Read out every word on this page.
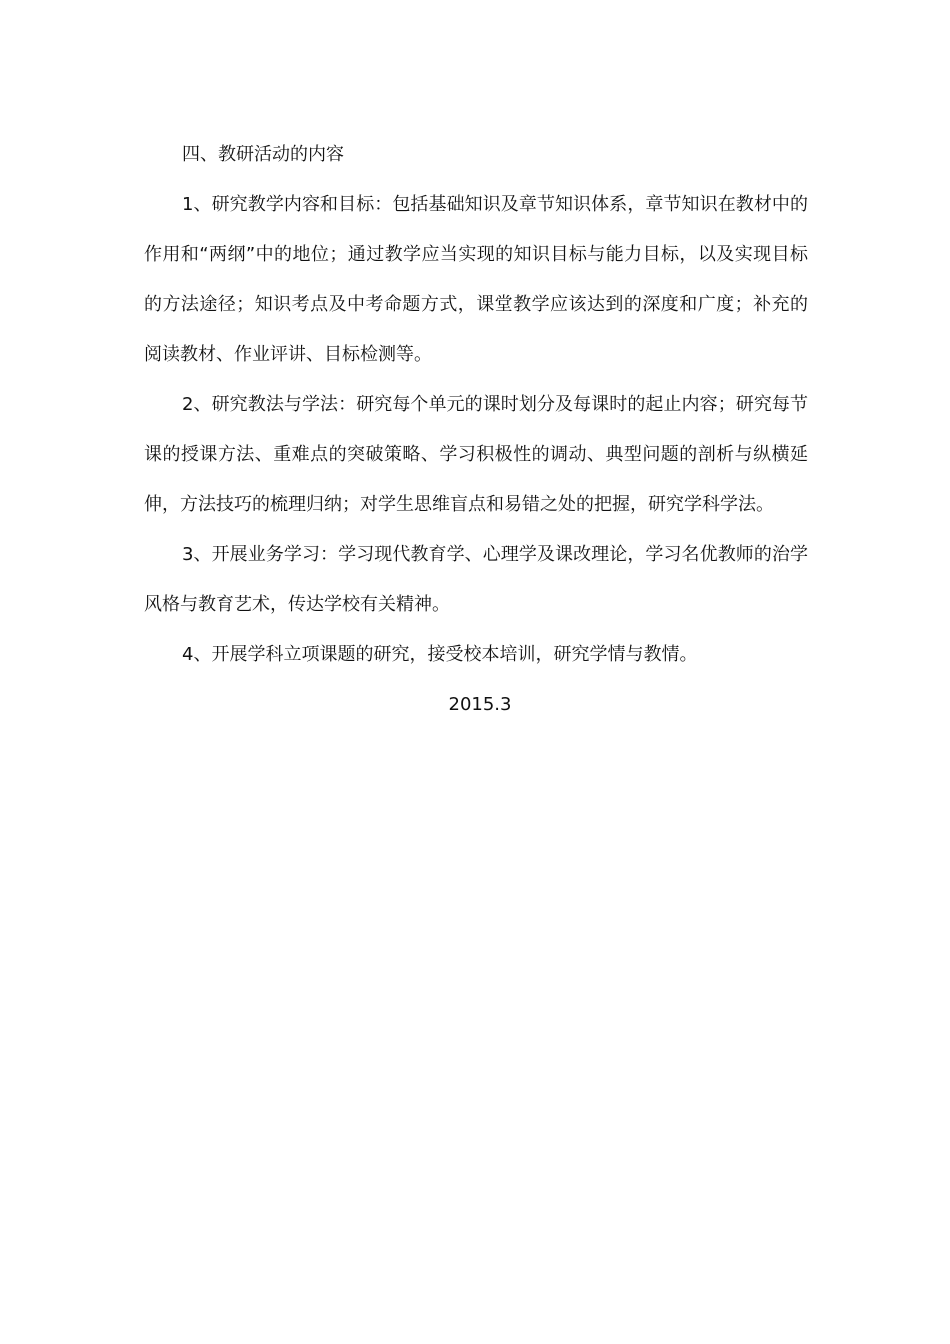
四、教研活动的内容

1、研究教学内容和目标：包括基础知识及章节知识体系，章节知识在教材中的作用和“两纲”中的地位；通过教学应当实现的知识目标与能力目标，以及实现目标的方法途径；知识考点及中考命题方式，课堂教学应该达到的深度和广度；补充的阅读教材、作业评讲、目标检测等。

2、研究教法与学法：研究每个单元的课时划分及每课时的起止内容；研究每节课的授课方法、重难点的突破策略、学习积极性的调动、典型问题的剖析与纵横延伸，方法技巧的梳理归纳；对学生思维盲点和易错之处的把握，研究学科学法。

3、开展业务学习：学习现代教育学、心理学及课改理论，学习名优教师的治学风格与教育艺术，传达学校有关精神。

4、开展学科立项课题的研究，接受校本培训，研究学情与教情。

2015.3
